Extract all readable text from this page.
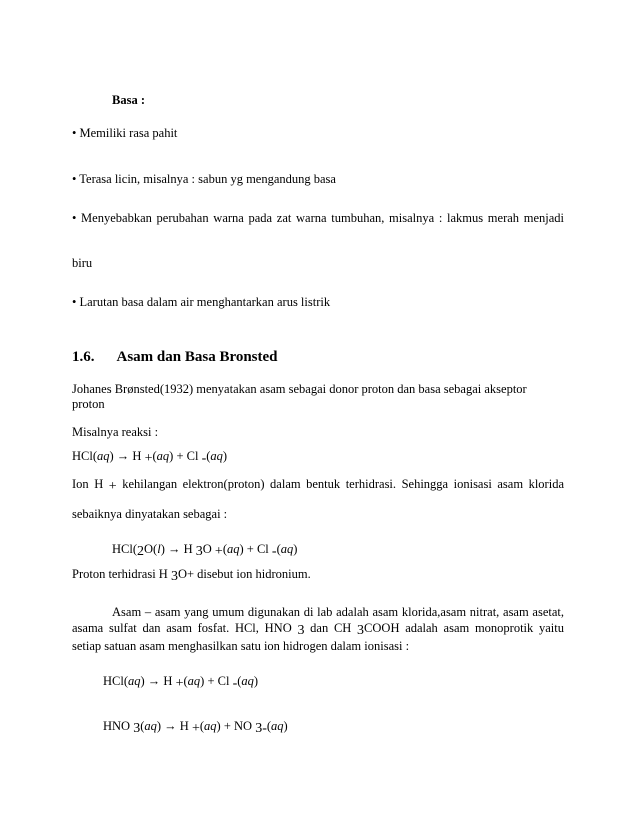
Basa :
• Memiliki rasa pahit
• Terasa licin, misalnya : sabun yg mengandung basa
• Menyebabkan perubahan warna pada zat warna tumbuhan, misalnya : lakmus merah menjadi
biru
• Larutan basa dalam air menghantarkan arus listrik
1.6. Asam dan Basa Bronsted
Johanes Brønsted(1932) menyatakan asam sebagai donor proton dan basa sebagai akseptor
proton
Misalnya reaksi :
HCl(aq) → H +(aq) + Cl -(aq)
Ion H + kehilangan elektron(proton) dalam bentuk terhidrasi. Sehingga ionisasi asam klorida
sebaiknya dinyatakan sebagai :
HCl(2O(l) → H 3O +(aq) + Cl -(aq)
Proton terhidrasi H 3O+ disebut ion hidronium.
Asam – asam yang umum digunakan di lab adalah asam klorida,asam nitrat, asam asetat,
asama sulfat dan asam fosfat. HCl, HNO 3 dan CH 3COOH adalah asam monoprotik yaitu
setiap satuan asam menghasilkan satu ion hidrogen dalam ionisasi :
HCl(aq) → H +(aq) + Cl -(aq)
HNO 3(aq) → H +(aq) + NO 3-(aq)
